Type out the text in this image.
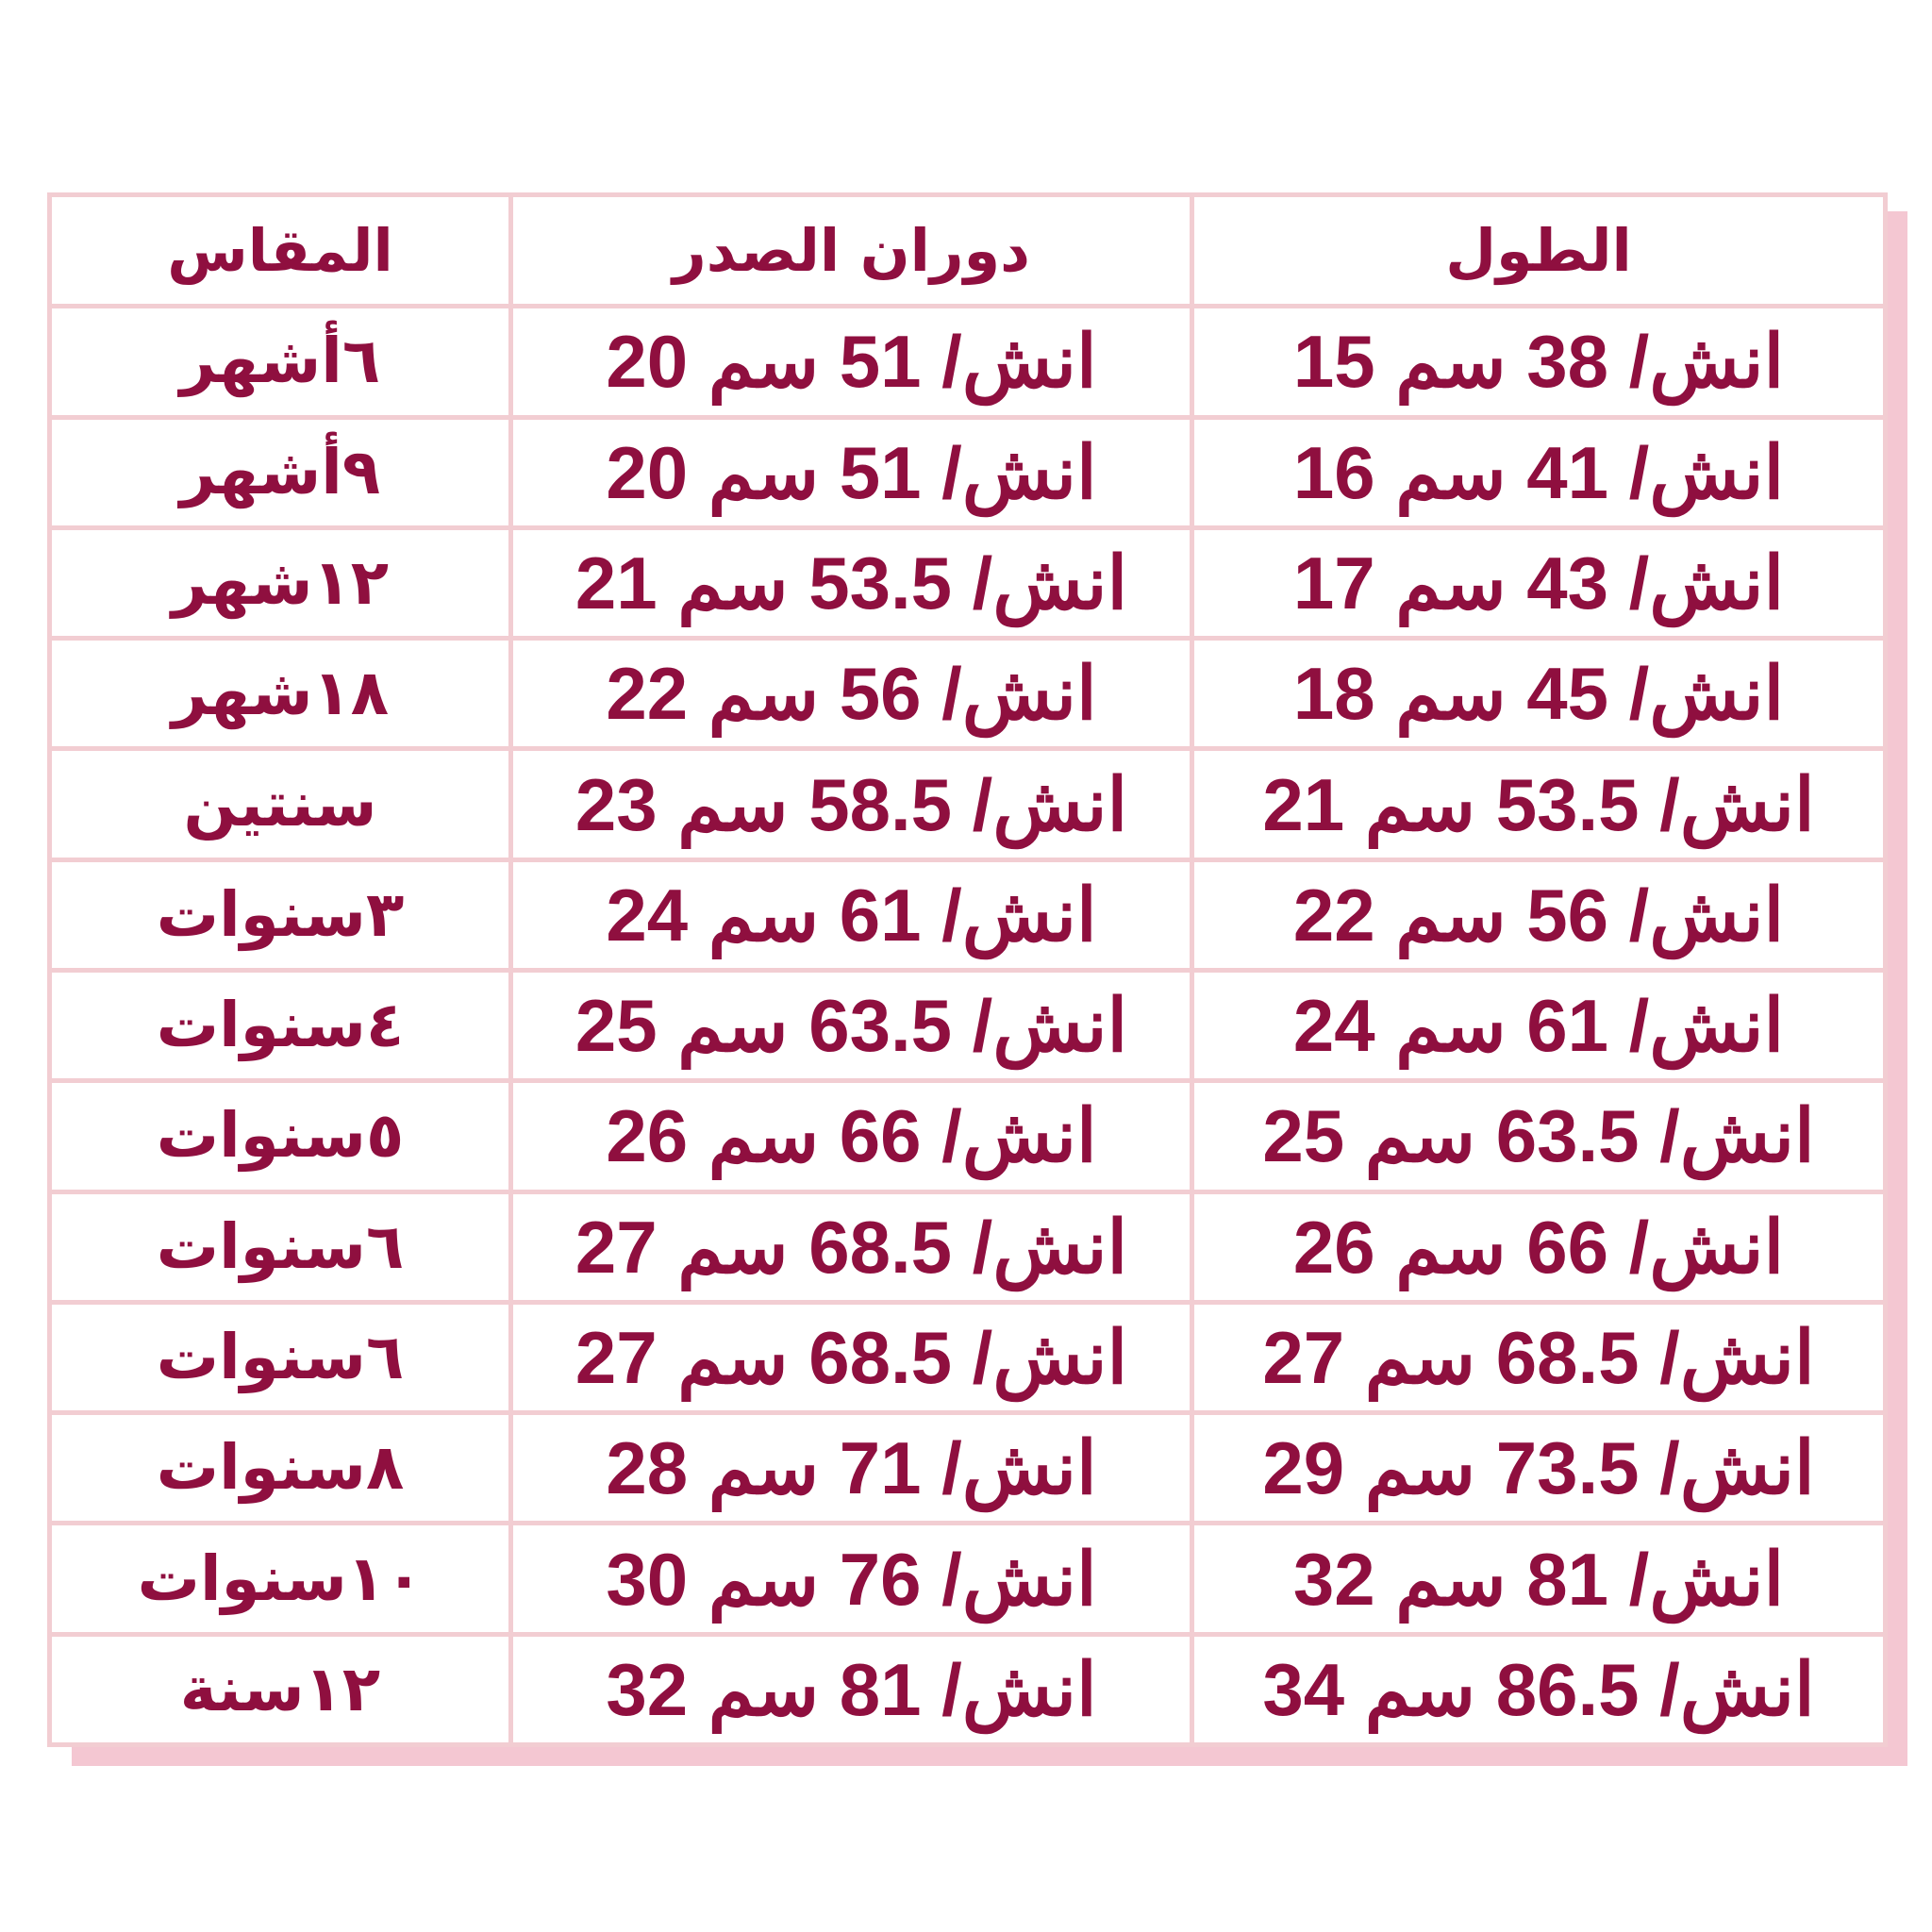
المقاس	دوران الصدر	الطول
٦أشهر	20 انش/ 51 سم	15 انش/ 38 سم
٩أشهر	20 انش/ 51 سم	16 انش/ 41 سم
١٢شهر	21 انش/ 53.5 سم	17 انش/ 43 سم
١٨شهر	22 انش/ 56 سم	18 انش/ 45 سم
سنتين	23 انش/ 58.5 سم	21 انش/ 53.5 سم
٣سنوات	24 انش/ 61 سم	22 انش/ 56 سم
٤سنوات	25 انش/ 63.5 سم	24 انش/ 61 سم
٥سنوات	26 انش/ 66 سم	25 انش/ 63.5 سم
٦سنوات	27 انش/ 68.5 سم	26 انش/ 66 سم
٦سنوات	27 انش/ 68.5 سم	27 انش/ 68.5 سم
٨سنوات	28 انش/ 71 سم	29 انش/ 73.5 سم
١٠سنوات	30 انش/ 76 سم	32 انش/ 81 سم
١٢سنة	32 انش/ 81 سم	34 انش/ 86.5 سم
